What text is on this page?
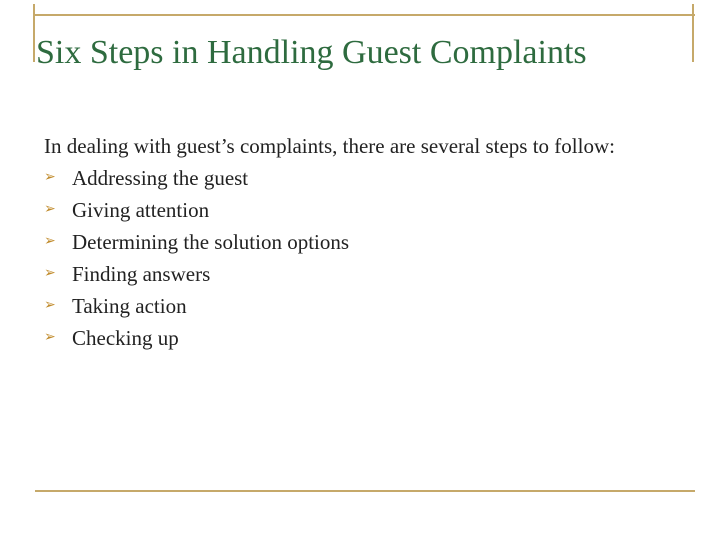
Six Steps in Handling Guest Complaints

In dealing with guest’s complaints, there are several steps to follow:

➢ Addressing the guest
➢ Giving attention
➢ Determining the solution options
➢ Finding answers
➢ Taking action
➢ Checking up
